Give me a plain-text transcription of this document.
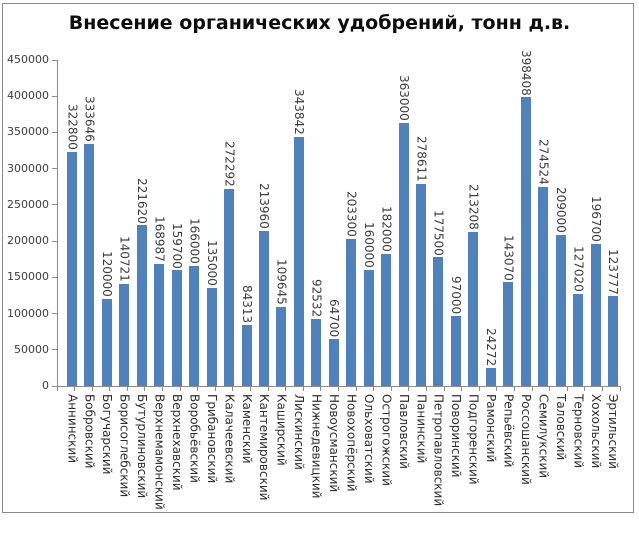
Внесение органических удобрений, тонн д.в.
0
50000
100000
150000
200000
250000
300000
350000
400000
450000
322800
Аннинский
333646
Бобровский
120000
Богучарский
140721
Борисоглебский
221620
Бутурлиновский
168987
Верхнемамонский
159700
Верхнехавский
166000
Воробьёвский
135000
Грибановский
272292
Калачеевский
84313
Каменский
213960
Кантемировский
109645
Каширский
343842
Лискинский
92532
Нижнедевицкий
64700
Новоусманский
203300
Новохопёрский
160000
Ольховатский
182000
Острогожский
363000
Павловский
278611
Панинский
177500
Петропавловский
97000
Поворинский
213208
Подгоренский
24272
Рамонский
143070
Репьёвский
398408
Россошанский
274524
Семилукский
209000
Таловский
127020
Терновский
196700
Хохольский
123777
Эртильский
